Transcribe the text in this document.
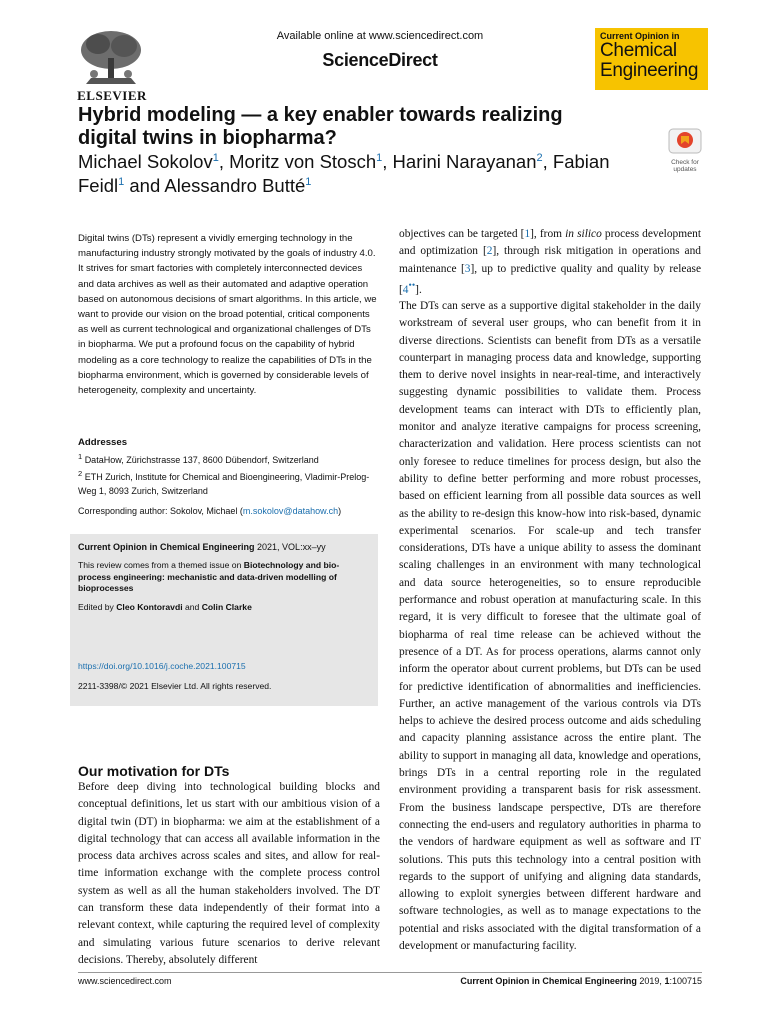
ELSEVIER
Available online at www.sciencedirect.com
ScienceDirect
Current Opinion in
Chemical
Engineering
Hybrid modeling — a key enabler towards realizing digital twins in biopharma?

Michael Sokolov$^1$, Moritz von Stosch$^1$, Harini Narayanan$^2$, Fabian Feidl$^1$ and Alessandro Butté$^1$

Check for updates

Digital twins (DTs) represent a vividly emerging technology in the manufacturing industry strongly motivated by the goals of industry 4.0. It strives for smart factories with completely interconnected devices and data archives as well as their automated and adaptive operation based on autonomous decisions of smart algorithms. In this article, we want to provide our vision on the broad potential, critical components as well as current technological and organizational challenges of DTs in biopharma. We put a profound focus on the capability of hybrid modeling as a core technology to realize the capabilities of DTs in the biopharma environment, which is governed by considerable levels of heterogeneity, complexity and uncertainty.

Addresses
$^1$ DataHow, Zürichstrasse 137, 8600 Dübendorf, Switzerland
$^2$ ETH Zurich, Institute for Chemical and Bioengineering, Vladimir-Prelog-Weg 1, 8093 Zurich, Switzerland
Corresponding author: Sokolov, Michael (m.sokolov@datahow.ch)
Current Opinion in Chemical Engineering 2021, VOL:xx–yy
This review comes from a themed issue on Biotechnology and bio-process engineering: mechanistic and data-driven modelling of bioprocesses
Edited by Cleo Kontoravdi and Colin Clarke
https://doi.org/10.1016/j.coche.2021.100715
2211-3398/© 2021 Elsevier Ltd. All rights reserved.
Our motivation for DTs

Before deep diving into technological building blocks and conceptual definitions, let us start with our ambitious vision of a digital twin (DT) in biopharma: we aim at the establishment of a digital technology that can access all available information in the process data archives across scales and sites, and allow for real-time information exchange with the complete process control system as well as all the human stakeholders involved. The DT can transform these data independently of their format into a relevant context, while capturing the required level of complexity and simulating various future scenarios to derive relevant decisions. Thereby, absolutely different

objectives can be targeted [1], from in silico process development and optimization [2], through risk mitigation in operations and maintenance [3], up to predictive quality and quality by release [4••].

The DTs can serve as a supportive digital stakeholder in the daily workstream of several user groups, who can benefit from it in diverse directions. Scientists can benefit from DTs as a versatile counterpart in managing process data and knowledge, supporting them to derive novel insights in near-real-time, and interactively suggesting dynamic possibilities to validate them. Process development teams can interact with DTs to efficiently plan, monitor and analyze iterative campaigns for process screening, characterization and validation. Here process scientists can not only foresee to reduce timelines for process design, but also the ability to define better performing and more robust processes, based on efficient learning from all possible data sources as well as the ability to re-design this know-how into risk-based, dynamic experimental scenarios. For scale-up and tech transfer considerations, DTs have a unique ability to assess the dominant scaling challenges in an environment with many technological and data source heterogeneities, so to ensure reproducible performance and robust operation at manufacturing scale. In this regard, it is very difficult to foresee that the ultimate goal of biopharma of real time release can be achieved without the presence of a DT. As for process operations, alarms cannot only inform the operator about current problems, but DTs can be used for predictive identification of abnormalities and inefficiencies. Further, an active management of the various controls via DTs helps to achieve the desired process outcome and aids scheduling and capacity planning assistance across the entire plant. The ability to support in managing all data, knowledge and operations, brings DTs in a central reporting role in the regulated environment providing a transparent basis for risk assessment. From the business landscape perspective, DTs are therefore connecting the end-users and regulatory authorities in pharma to the vendors of hardware equipment as well as software and IT solutions. This puts this technology into a central position with regards to the support of unifying and aligning data standards, allowing to exploit synergies between different hardware and software technologies, as well as to manage expectations to the potential and risks associated with the digital transformation of a development or manufacturing facility.

www.sciencedirect.com	Current Opinion in Chemical Engineering 2019, 1:100715
